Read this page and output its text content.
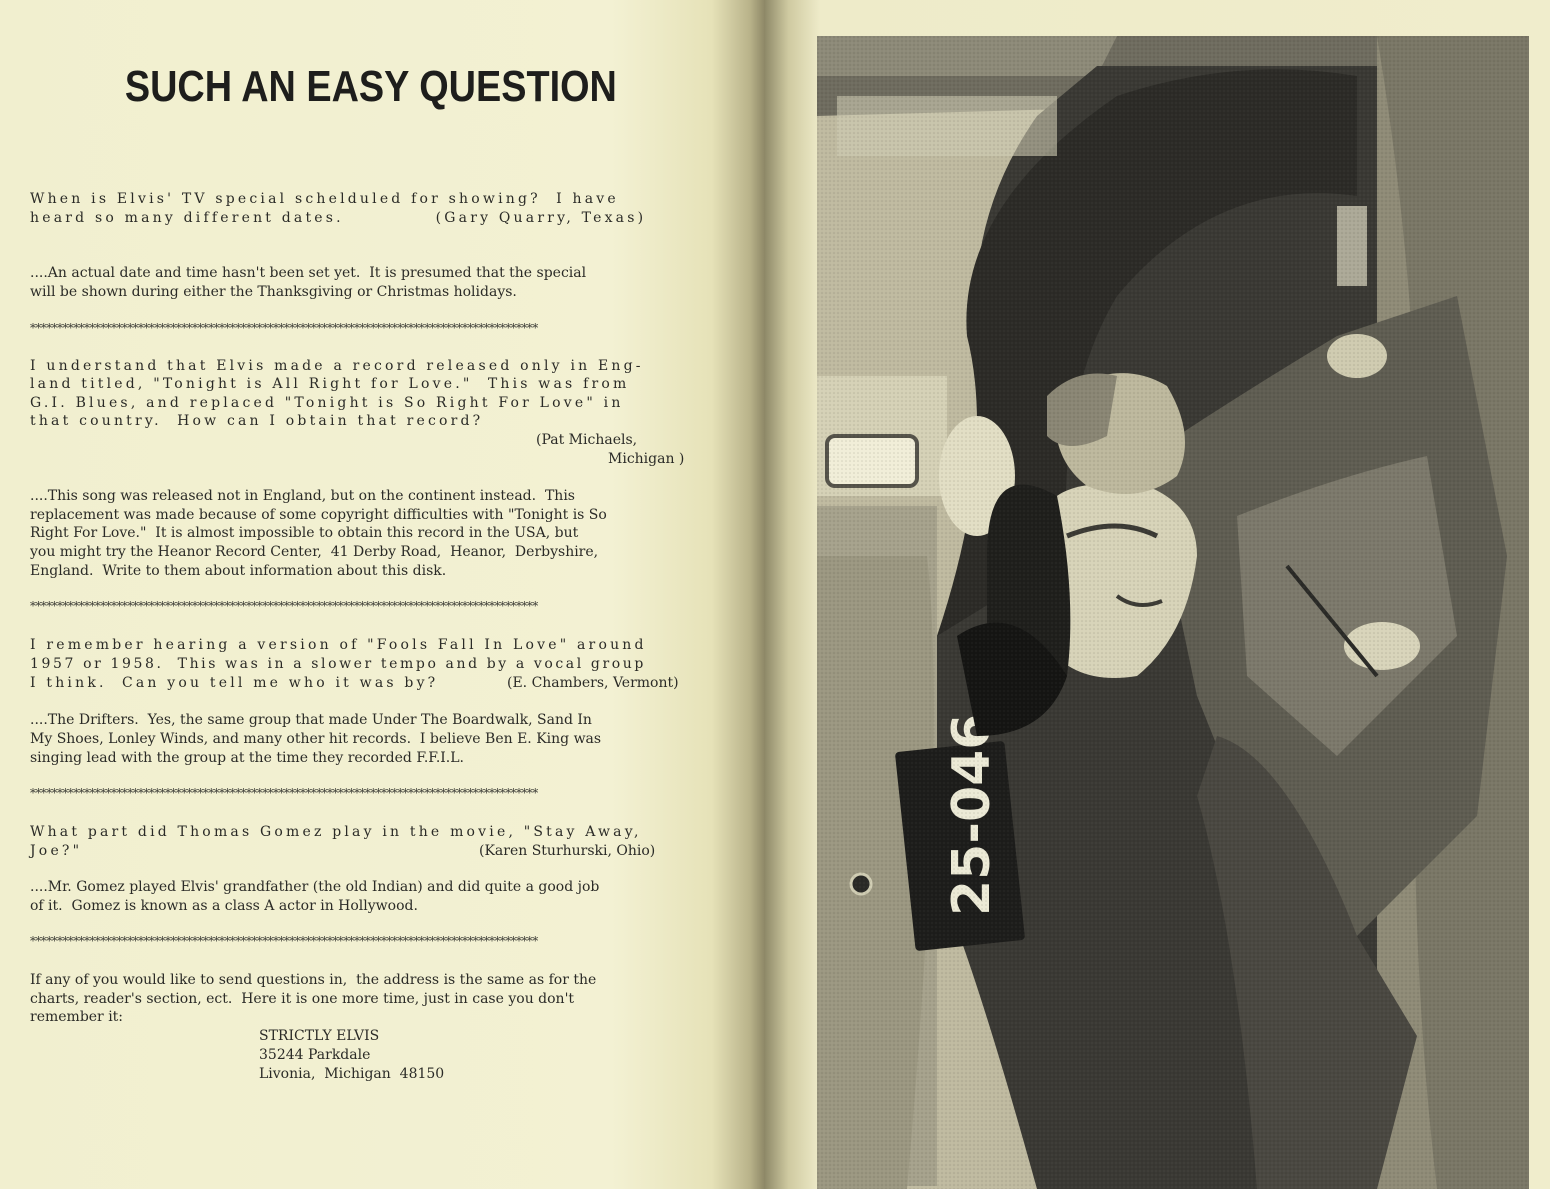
SUCH AN EASY QUESTION
When is Elvis' TV special schelduled for showing?  I have
heard so many different dates.            (Gary Quarry, Texas)
....An actual date and time hasn't been set yet.  It is presumed that the special
will be shown during either the Thanksgiving or Christmas holidays.
**********************************************************************************************
I understand that Elvis made a record released only in Eng-
land titled, "Tonight is All Right for Love."  This was from
G.I. Blues, and replaced "Tonight is So Right For Love" in
that country.  How can I obtain that record?
(Pat Michaels,
Michigan )
....This song was released not in England, but on the continent instead.  This
replacement was made because of some copyright difficulties with "Tonight is So
Right For Love."  It is almost impossible to obtain this record in the USA, but
you might try the Heanor Record Center,  41 Derby Road,  Heanor,  Derbyshire,
England.  Write to them about information about this disk.
**********************************************************************************************
I remember hearing a version of "Fools Fall In Love" around
1957 or 1958.  This was in a slower tempo and by a vocal group
I think.  Can you tell me who it was by?	(E. Chambers, Vermont)
....The Drifters.  Yes, the same group that made Under The Boardwalk, Sand In
My Shoes, Lonley Winds, and many other hit records.  I believe Ben E. King was
singing lead with the group at the time they recorded F.F.I.L.
**********************************************************************************************
What part did Thomas Gomez play in the movie, "Stay Away,
Joe?"	(Karen Sturhurski, Ohio)
....Mr. Gomez played Elvis' grandfather (the old Indian) and did quite a good job
of it.  Gomez is known as a class A actor in Hollywood.
**********************************************************************************************
If any of you would like to send questions in,  the address is the same as for the
charts, reader's section, ect.  Here it is one more time, just in case you don't
remember it:
STRICTLY ELVIS
35244 Parkdale
Livonia,  Michigan  48150
